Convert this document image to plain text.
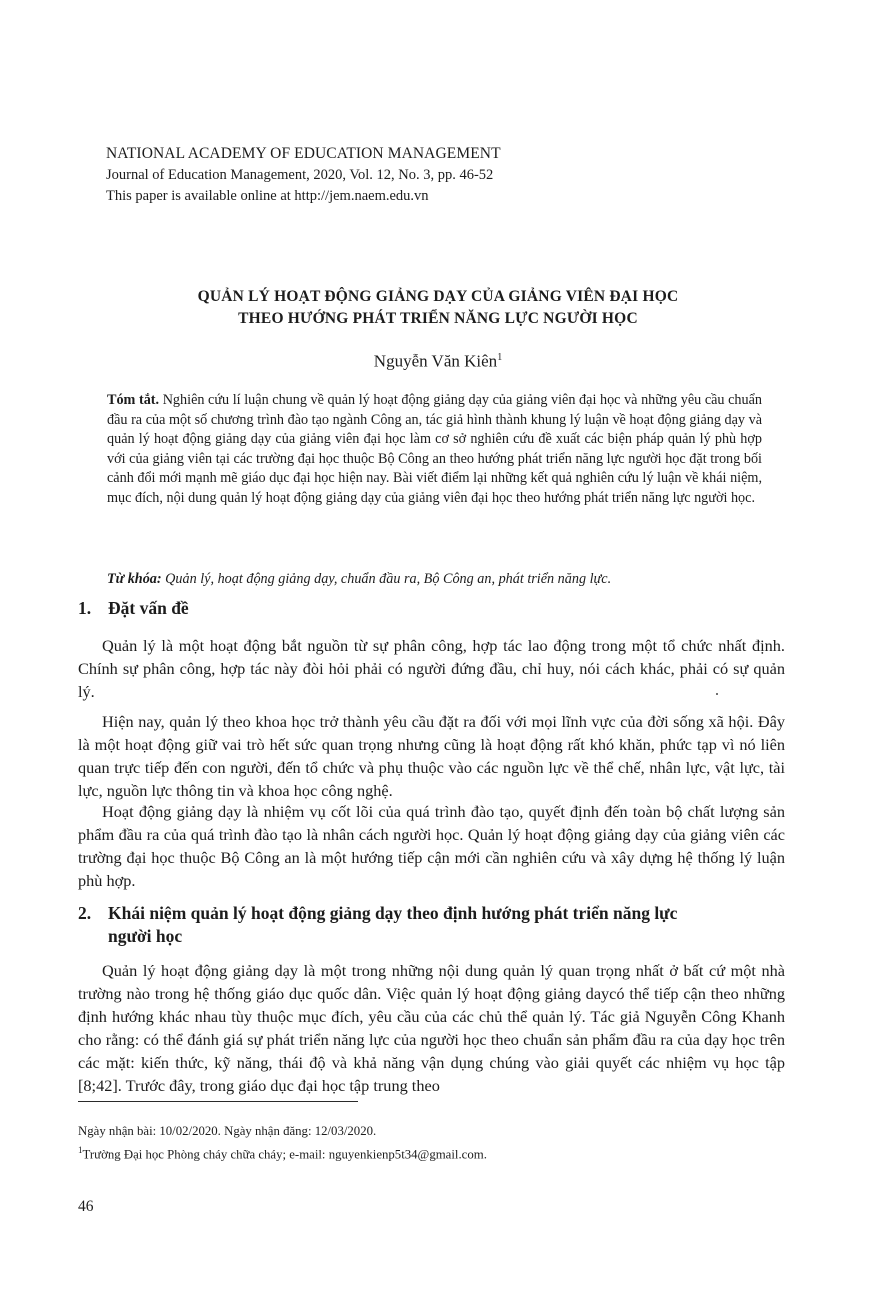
NATIONAL ACADEMY OF EDUCATION MANAGEMENT
Journal of Education Management, 2020, Vol. 12, No. 3, pp. 46-52
This paper is available online at http://jem.naem.edu.vn
QUẢN LÝ HOẠT ĐỘNG GIẢNG DẠY CỦA GIẢNG VIÊN ĐẠI HỌC
THEO HƯỚNG PHÁT TRIỂN NĂNG LỰC NGƯỜI HỌC
Nguyễn Văn Kiên$^1$
Tóm tắt. Nghiên cứu lí luận chung về quản lý hoạt động giảng dạy của giảng viên đại học và những yêu cầu chuẩn đầu ra của một số chương trình đào tạo ngành Công an, tác giả hình thành khung lý luận về hoạt động giảng dạy và quản lý hoạt động giảng dạy của giảng viên đại học làm cơ sở nghiên cứu đề xuất các biện pháp quản lý phù hợp với của giảng viên tại các trường đại học thuộc Bộ Công an theo hướng phát triển năng lực người học đặt trong bối cảnh đổi mới mạnh mẽ giáo dục đại học hiện nay. Bài viết điểm lại những kết quả nghiên cứu lý luận về khái niệm, mục đích, nội dung quản lý hoạt động giảng dạy của giảng viên đại học theo hướng phát triển năng lực người học.
Từ khóa: Quản lý, hoạt động giảng dạy, chuẩn đầu ra, Bộ Công an, phát triển năng lực.
1. Đặt vấn đề
Quản lý là một hoạt động bắt nguồn từ sự phân công, hợp tác lao động trong một tổ chức nhất định. Chính sự phân công, hợp tác này đòi hỏi phải có người đứng đầu, chỉ huy, nói cách khác, phải có sự quản lý.
Hiện nay, quản lý theo khoa học trở thành yêu cầu đặt ra đối với mọi lĩnh vực của đời sống xã hội. Đây là một hoạt động giữ vai trò hết sức quan trọng nhưng cũng là hoạt động rất khó khăn, phức tạp vì nó liên quan trực tiếp đến con người, đến tổ chức và phụ thuộc vào các nguồn lực về thể chế, nhân lực, vật lực, tài lực, nguồn lực thông tin và khoa học công nghệ.
Hoạt động giảng dạy là nhiệm vụ cốt lõi của quá trình đào tạo, quyết định đến toàn bộ chất lượng sản phẩm đầu ra của quá trình đào tạo là nhân cách người học. Quản lý hoạt động giảng dạy của giảng viên các trường đại học thuộc Bộ Công an là một hướng tiếp cận mới cần nghiên cứu và xây dựng hệ thống lý luận phù hợp.
2. Khái niệm quản lý hoạt động giảng dạy theo định hướng phát triển năng lực
người học
Quản lý hoạt động giảng dạy là một trong những nội dung quản lý quan trọng nhất ở bất cứ một nhà trường nào trong hệ thống giáo dục quốc dân. Việc quản lý hoạt động giảng daycó thể tiếp cận theo những định hướng khác nhau tùy thuộc mục đích, yêu cầu của các chủ thể quản lý. Tác giả Nguyễn Công Khanh cho rằng: có thể đánh giá sự phát triển năng lực của người học theo chuẩn sản phẩm đầu ra của dạy học trên các mặt: kiến thức, kỹ năng, thái độ và khả năng vận dụng chúng vào giải quyết các nhiệm vụ học tập [8;42]. Trước đây, trong giáo dục đại học tập trung theo
Ngày nhận bài: 10/02/2020. Ngày nhận đăng: 12/03/2020.
$^1$Trường Đại học Phòng cháy chữa cháy; e-mail: nguyenkienp5t34@gmail.com.
46
